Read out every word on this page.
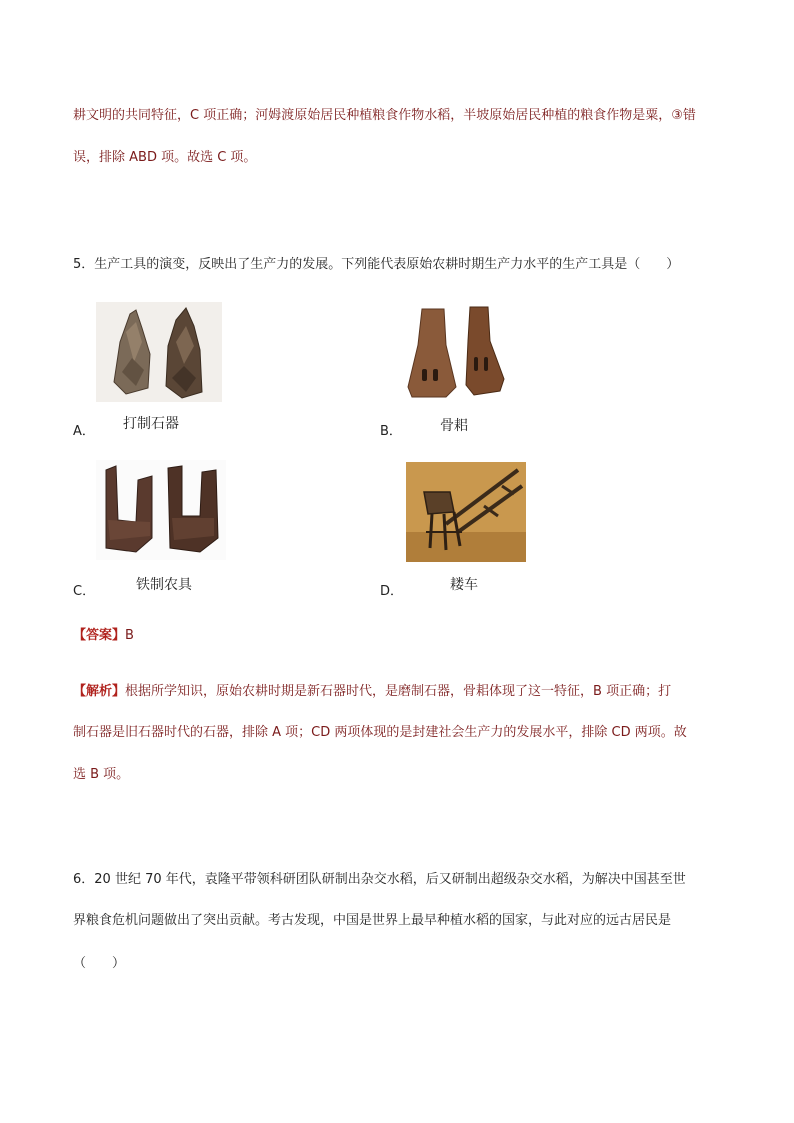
耕文明的共同特征，C 项正确；河姆渡原始居民种植粮食作物水稻，半坡原始居民种植的粮食作物是粟，③错
误，排除 ABD 项。故选 C 项。
5．生产工具的演变，反映出了生产力的发展。下列能代表原始农耕时期生产力水平的生产工具是（　　）
A． 打制石器	B．	骨耜
C．	铁制农具	D．	耧车
【答案】B
【解析】根据所学知识，原始农耕时期是新石器时代，是磨制石器，骨耜体现了这一特征，B 项正确；打
制石器是旧石器时代的石器，排除 A 项；CD 两项体现的是封建社会生产力的发展水平，排除 CD 两项。故
选 B 项。
6．20 世纪 70 年代，袁隆平带领科研团队研制出杂交水稻，后又研制出超级杂交水稻，为解决中国甚至世
界粮食危机问题做出了突出贡献。考古发现，中国是世界上最早种植水稻的国家，与此对应的远古居民是
（　　）
